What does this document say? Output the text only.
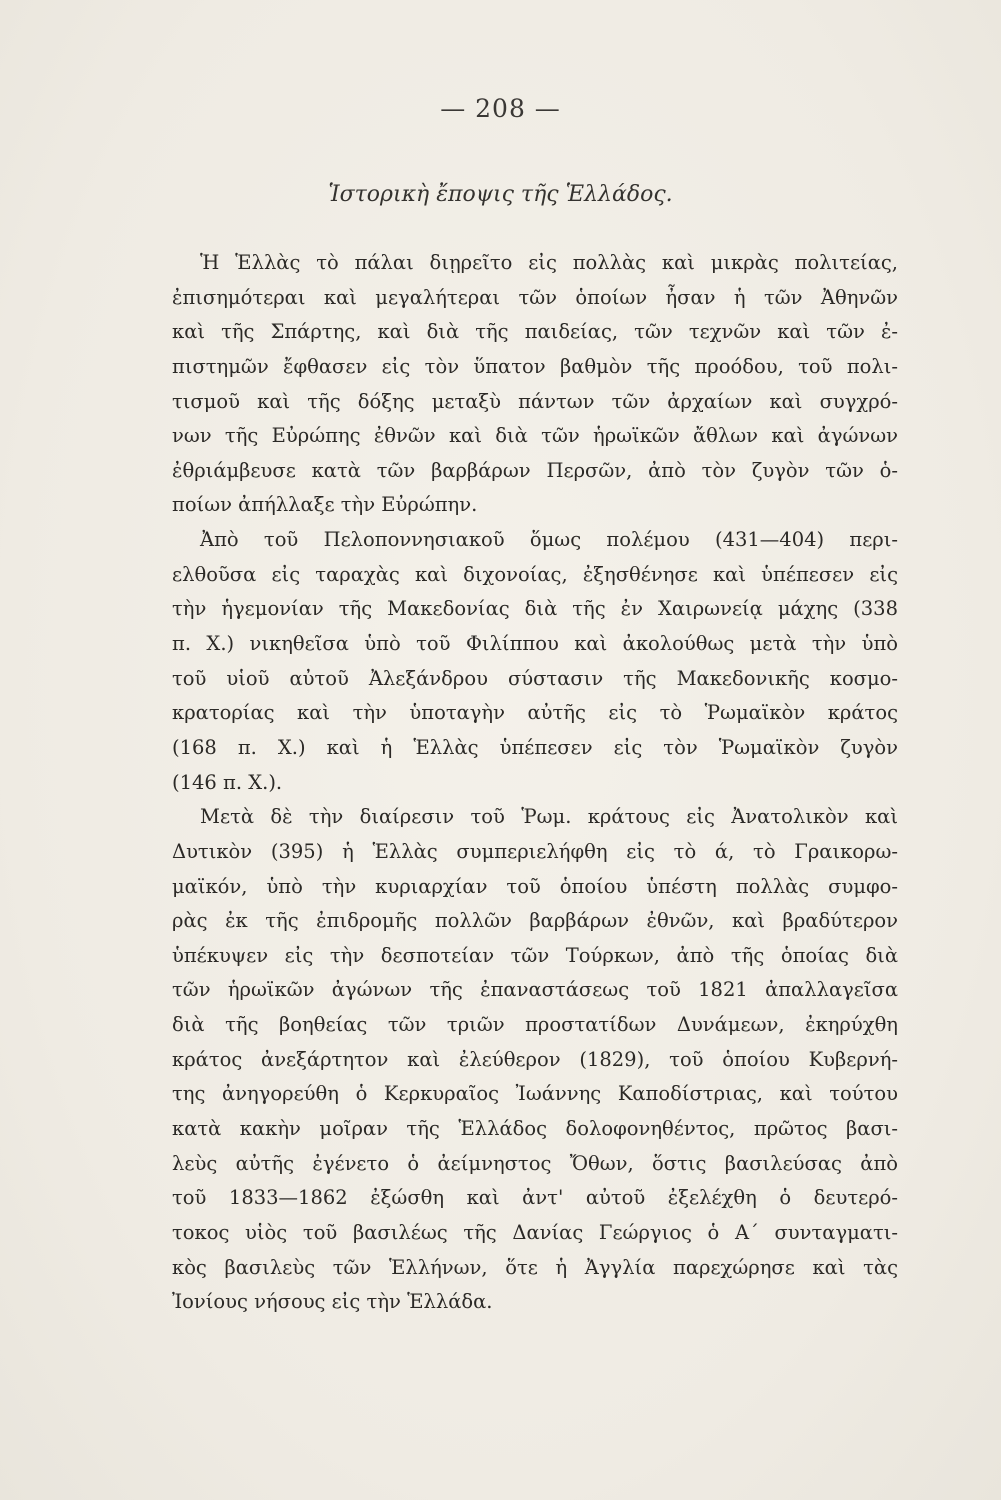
— 208 —
Ἱστορικὴ ἔποψις τῆς Ἑλλάδος.
Ἡ Ἑλλὰς τὸ πάλαι διῃρεῖτο εἰς πολλὰς καὶ μικρὰς πολιτείας,
ἐπισημότεραι καὶ μεγαλήτεραι τῶν ὁποίων ἦσαν ἡ τῶν Ἀθηνῶν
καὶ τῆς Σπάρτης, καὶ διὰ τῆς παιδείας, τῶν τεχνῶν καὶ τῶν ἐ-
πιστημῶν ἔφθασεν εἰς τὸν ὕπατον βαθμὸν τῆς προόδου, τοῦ πολι-
τισμοῦ καὶ τῆς δόξης μεταξὺ πάντων τῶν ἀρχαίων καὶ συγχρό-
νων τῆς Εὐρώπης ἐθνῶν καὶ διὰ τῶν ἡρωϊκῶν ἄθλων καὶ ἀγώνων
ἐθριάμβευσε κατὰ τῶν βαρβάρων Περσῶν, ἀπὸ τὸν ζυγὸν τῶν ὁ-
ποίων ἀπήλλαξε τὴν Εὐρώπην.
Ἀπὸ τοῦ Πελοποννησιακοῦ ὅμως πολέμου (431—404) περι-
ελθοῦσα εἰς ταραχὰς καὶ διχονοίας, ἐξησθένησε καὶ ὑπέπεσεν εἰς
τὴν ἡγεμονίαν τῆς Μακεδονίας διὰ τῆς ἐν Χαιρωνείᾳ μάχης (338
π. Χ.) νικηθεῖσα ὑπὸ τοῦ Φιλίππου καὶ ἀκολούθως μετὰ τὴν ὑπὸ
τοῦ υἱοῦ αὐτοῦ Ἀλεξάνδρου σύστασιν τῆς Μακεδονικῆς κοσμο-
κρατορίας καὶ τὴν ὑποταγὴν αὐτῆς εἰς τὸ Ῥωμαϊκὸν κράτος
(168 π. Χ.) καὶ ἡ Ἑλλὰς ὑπέπεσεν εἰς τὸν Ῥωμαϊκὸν ζυγὸν
(146 π. Χ.).
Μετὰ δὲ τὴν διαίρεσιν τοῦ Ῥωμ. κράτους εἰς Ἀνατολικὸν καὶ
Δυτικὸν (395) ἡ Ἑλλὰς συμπεριελήφθη εἰς τὸ ά, τὸ Γραικορω-
μαϊκόν, ὑπὸ τὴν κυριαρχίαν τοῦ ὁποίου ὑπέστη πολλὰς συμφο-
ρὰς ἐκ τῆς ἐπιδρομῆς πολλῶν βαρβάρων ἐθνῶν, καὶ βραδύτερον
ὑπέκυψεν εἰς τὴν δεσποτείαν τῶν Τούρκων, ἀπὸ τῆς ὁποίας διὰ
τῶν ἡρωϊκῶν ἀγώνων τῆς ἐπαναστάσεως τοῦ 1821 ἀπαλλαγεῖσα
διὰ τῆς βοηθείας τῶν τριῶν προστατίδων Δυνάμεων, ἐκηρύχθη
κράτος ἀνεξάρτητον καὶ ἐλεύθερον (1829), τοῦ ὁποίου Κυβερνή-
της ἀνηγορεύθη ὁ Κερκυραῖος Ἰωάννης Καποδίστριας, καὶ τούτου
κατὰ κακὴν μοῖραν τῆς Ἑλλάδος δολοφονηθέντος, πρῶτος βασι-
λεὺς αὐτῆς ἐγένετο ὁ ἀείμνηστος Ὄθων, ὅστις βασιλεύσας ἀπὸ
τοῦ 1833—1862 ἐξώσθη καὶ ἀντ' αὐτοῦ ἐξελέχθη ὁ δευτερό-
τοκος υἱὸς τοῦ βασιλέως τῆς Δανίας Γεώργιος ὁ Α΄ συνταγματι-
κὸς βασιλεὺς τῶν Ἑλλήνων, ὅτε ἡ Ἀγγλία παρεχώρησε καὶ τὰς
Ἰονίους νήσους εἰς τὴν Ἑλλάδα.
